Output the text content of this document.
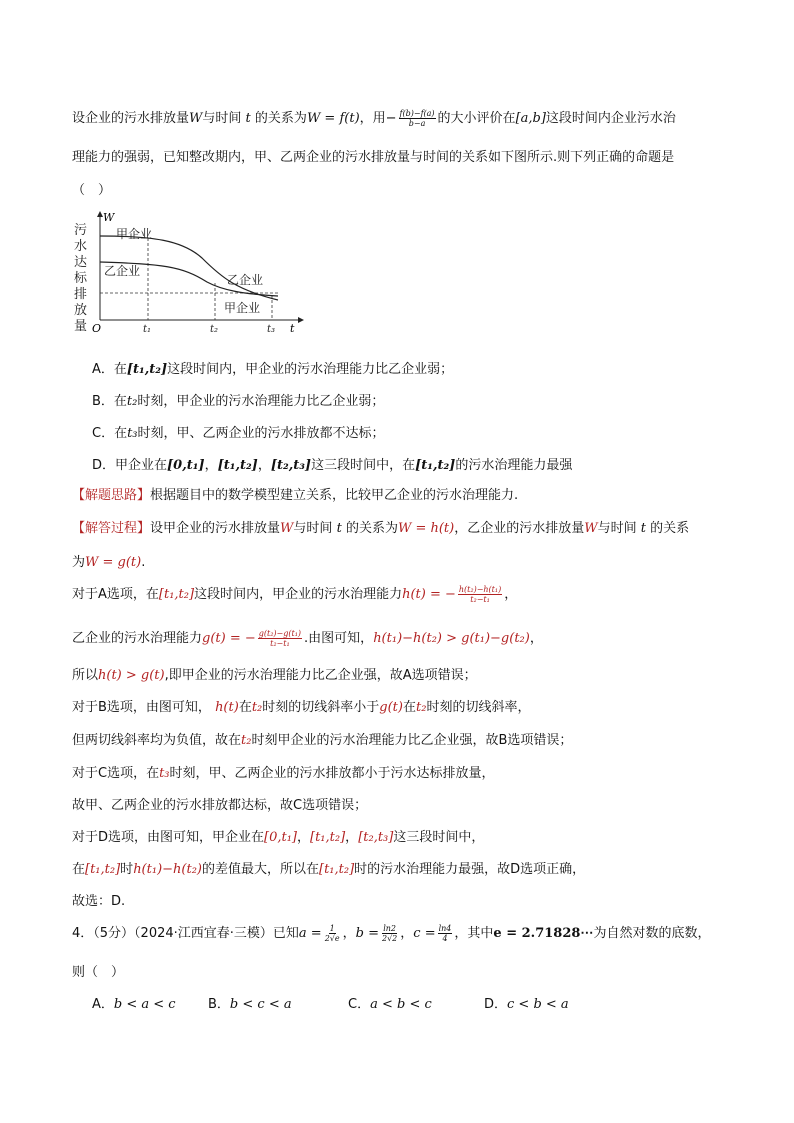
设企业的污水排放量W与时间 t 的关系为W = f(t)，用− $\frac{f(b)-f(a)}{b-a}$ 的大小评价在[a,b]这段时间内企业污水治
理能力的强弱，已知整改期内，甲、乙两企业的污水排放量与时间的关系如下图所示.则下列正确的命题是
（　）
污
水
达
标
排
放
量
W
O	t
t₁	t₂	t₃
甲企业
乙企业
乙企业
甲企业
A．在[t₁,t₂]这段时间内，甲企业的污水治理能力比乙企业弱；
B．在t₂时刻，甲企业的污水治理能力比乙企业弱；
C．在t₃时刻，甲、乙两企业的污水排放都不达标；
D．甲企业在[0,t₁]，[t₁,t₂]，[t₂,t₃]这三段时间中，在[t₁,t₂]的污水治理能力最强
【解题思路】根据题目中的数学模型建立关系，比较甲乙企业的污水治理能力.
【解答过程】设甲企业的污水排放量W与时间 t 的关系为W = h(t)，乙企业的污水排放量W与时间 t 的关系
为W = g(t).
对于A选项，在[t₁,t₂]这段时间内，甲企业的污水治理能力h(t) = − $\frac{\text{h(t₂)−h(t₁)}}{\text{t₂−t₁}}$ ，
乙企业的污水治理能力g(t) = − $\frac{\text{g(t₂)−g(t₁)}}{\text{t₂−t₁}}$ .由图可知，h(t₁)−h(t₂) > g(t₁)−g(t₂)，
所以h(t) > g(t),即甲企业的污水治理能力比乙企业强，故A选项错误；
对于B选项，由图可知， h(t)在t₂时刻的切线斜率小于g(t)在t₂时刻的切线斜率，
但两切线斜率均为负值，故在t₂时刻甲企业的污水治理能力比乙企业强，故B选项错误；
对于C选项，在t₃时刻，甲、乙两企业的污水排放都小于污水达标排放量，
故甲、乙两企业的污水排放都达标，故C选项错误；
对于D选项，由图可知，甲企业在[0,t₁]，[t₁,t₂]，[t₂,t₃]这三段时间中，
在[t₁,t₂]时h(t₁)−h(t₂)的差值最大，所以在[t₁,t₂]时的污水治理能力最强，故D选项正确，
故选：D.
4．（5分）（2024·江西宜春·三模）已知$a = \frac{1}{2√e}$ ，$b = \frac{\ln 2}{2√2}$ ，$c = \frac{\ln 4}{4}$ ，其中e = 2.71828⋯为自然对数的底数，
则（　）
A．b < a < c B．b < c < a	C．a < b < c	D．c < b < a
